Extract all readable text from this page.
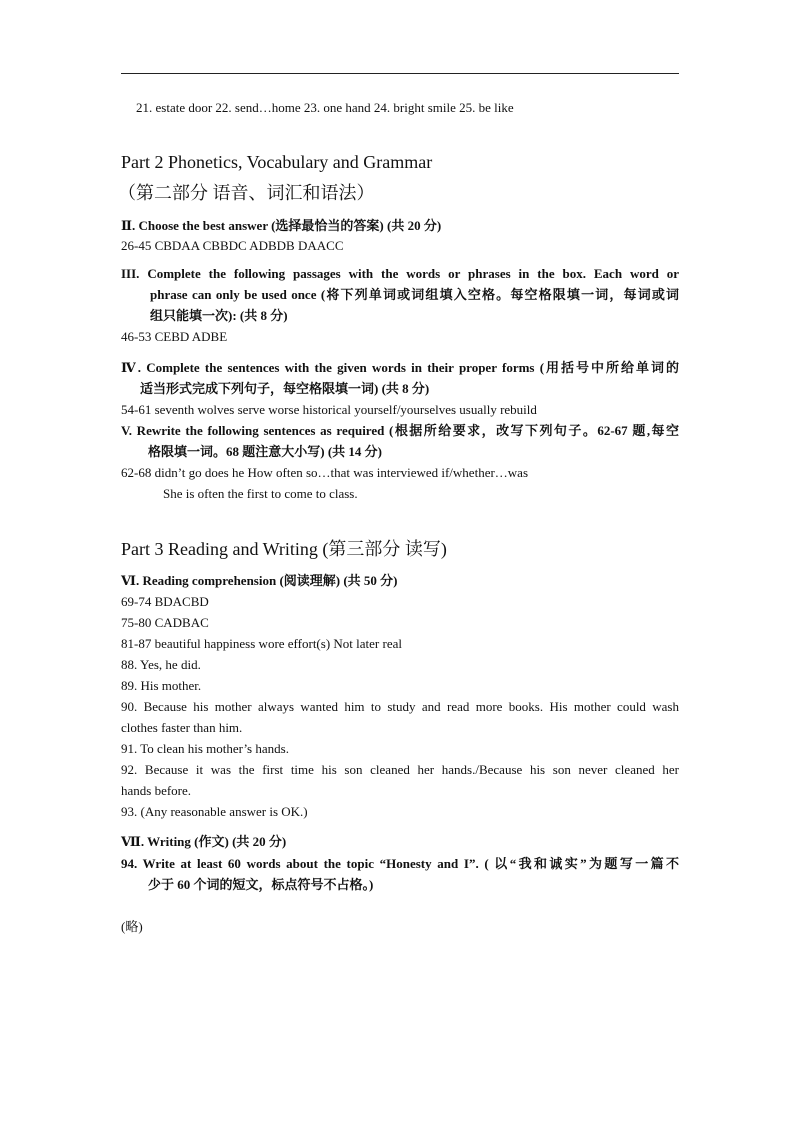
21. estate door 22. send…home 23. one hand 24. bright smile 25. be like
Part 2 Phonetics, Vocabulary and Grammar
（第二部分 语音、词汇和语法）
Ⅱ. Choose the best answer (选择最恰当的答案) (共 20 分)
26-45 CBDAA CBBDC ADBDB DAACC
III. Complete the following passages with the words or phrases in the box. Each word or
phrase can only be used once (将下列单词或词组填入空格。每空格限填一词，每词或词
组只能填一次): (共 8 分)
46-53 CEBD ADBE
Ⅳ. Complete the sentences with the given words in their proper forms (用括号中所给单词的
适当形式完成下列句子，每空格限填一词) (共 8 分)
54-61 seventh wolves serve worse historical yourself/yourselves usually rebuild
V. Rewrite the following sentences as required (根据所给要求，改写下列句子。62-67 题,每空
格限填一词。68 题注意大小写) (共 14 分)
62-68 didn’t go does he How often so…that was interviewed if/whether…was
She is often the first to come to class.
Part 3 Reading and Writing (第三部分 读写)
Ⅵ. Reading comprehension (阅读理解) (共 50 分)
69-74 BDACBD
75-80 CADBAC
81-87 beautiful happiness wore effort(s) Not later real
88. Yes, he did.
89. His mother.
90. Because his mother always wanted him to study and read more books. His mother could wash
clothes faster than him.
91. To clean his mother’s hands.
92. Because it was the first time his son cleaned her hands./Because his son never cleaned her
hands before.
93. (Any reasonable answer is OK.)
Ⅶ. Writing (作文) (共 20 分)
94. Write at least 60 words about the topic “Honesty and I”. ( 以“我和诚实”为题写一篇不
少于 60 个词的短文，标点符号不占格。)
(略)
